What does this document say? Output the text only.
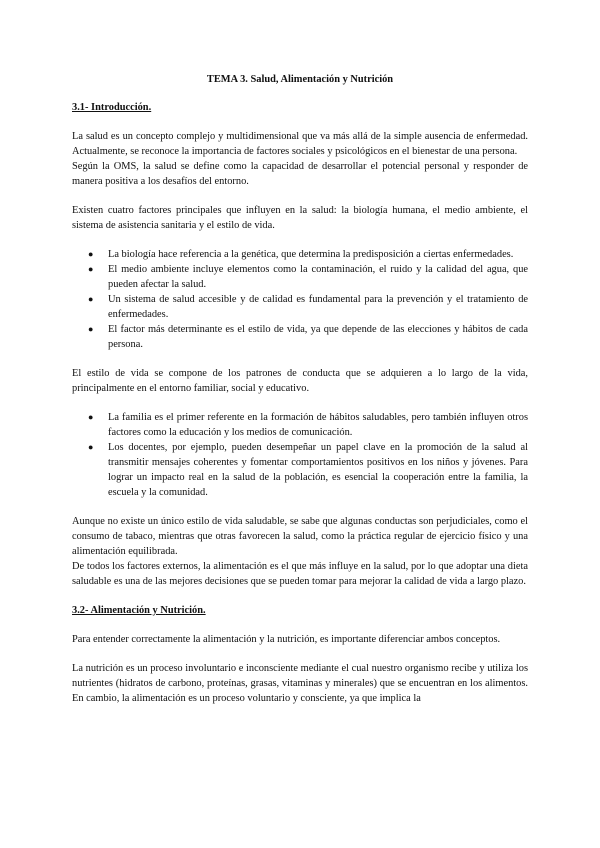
TEMA 3. Salud, Alimentación y Nutrición
3.1- Introducción.

La salud es un concepto complejo y multidimensional que va más allá de la simple ausencia de enfermedad. Actualmente, se reconoce la importancia de factores sociales y psicológicos en el bienestar de una persona.

Según la OMS, la salud se define como la capacidad de desarrollar el potencial personal y responder de manera positiva a los desafíos del entorno.

Existen cuatro factores principales que influyen en la salud: la biología humana, el medio ambiente, el sistema de asistencia sanitaria y el estilo de vida.

● La biología hace referencia a la genética, que determina la predisposición a ciertas enfermedades.
● El medio ambiente incluye elementos como la contaminación, el ruido y la calidad del agua, que pueden afectar la salud.
● Un sistema de salud accesible y de calidad es fundamental para la prevención y el tratamiento de enfermedades.
● El factor más determinante es el estilo de vida, ya que depende de las elecciones y hábitos de cada persona.

El estilo de vida se compone de los patrones de conducta que se adquieren a lo largo de la vida, principalmente en el entorno familiar, social y educativo.

● La familia es el primer referente en la formación de hábitos saludables, pero también influyen otros factores como la educación y los medios de comunicación.
● Los docentes, por ejemplo, pueden desempeñar un papel clave en la promoción de la salud al transmitir mensajes coherentes y fomentar comportamientos positivos en los niños y jóvenes. Para lograr un impacto real en la salud de la población, es esencial la cooperación entre la familia, la escuela y la comunidad.

Aunque no existe un único estilo de vida saludable, se sabe que algunas conductas son perjudiciales, como el consumo de tabaco, mientras que otras favorecen la salud, como la práctica regular de ejercicio físico y una alimentación equilibrada.

De todos los factores externos, la alimentación es el que más influye en la salud, por lo que adoptar una dieta saludable es una de las mejores decisiones que se pueden tomar para mejorar la calidad de vida a largo plazo.

3.2- Alimentación y Nutrición.

Para entender correctamente la alimentación y la nutrición, es importante diferenciar ambos conceptos.

La nutrición es un proceso involuntario e inconsciente mediante el cual nuestro organismo recibe y utiliza los nutrientes (hidratos de carbono, proteínas, grasas, vitaminas y minerales) que se encuentran en los alimentos. En cambio, la alimentación es un proceso voluntario y consciente, ya que implica la
